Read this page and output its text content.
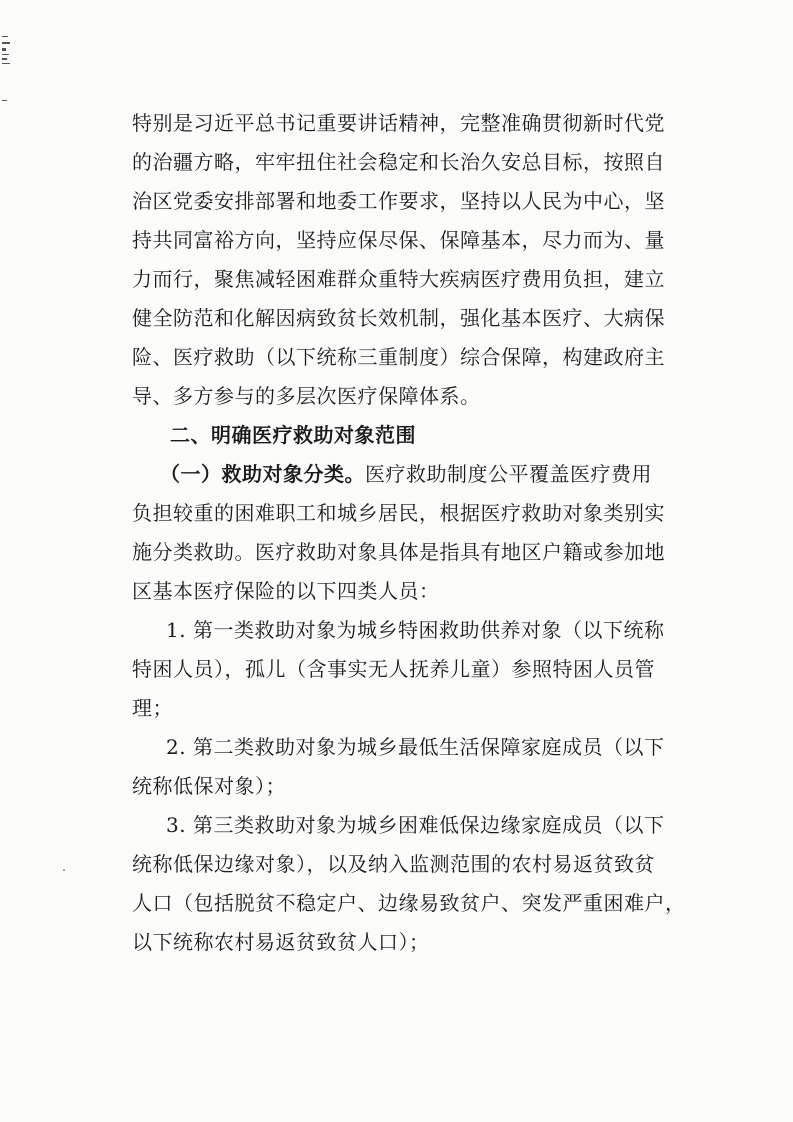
特别是习近平总书记重要讲话精神，完整准确贯彻新时代党
的治疆方略，牢牢扭住社会稳定和长治久安总目标，按照自
治区党委安排部署和地委工作要求，坚持以人民为中心，坚
持共同富裕方向，坚持应保尽保、保障基本，尽力而为、量
力而行，聚焦减轻困难群众重特大疾病医疗费用负担，建立
健全防范和化解因病致贫长效机制，强化基本医疗、大病保
险、医疗救助（以下统称三重制度）综合保障，构建政府主
导、多方参与的多层次医疗保障体系。
二、明确医疗救助对象范围
（一）救助对象分类。医疗救助制度公平覆盖医疗费用
负担较重的困难职工和城乡居民，根据医疗救助对象类别实
施分类救助。医疗救助对象具体是指具有地区户籍或参加地
区基本医疗保险的以下四类人员：
1. 第一类救助对象为城乡特困救助供养对象（以下统称
特困人员），孤儿（含事实无人抚养儿童）参照特困人员管
理；
2. 第二类救助对象为城乡最低生活保障家庭成员（以下
统称低保对象）；
3. 第三类救助对象为城乡困难低保边缘家庭成员（以下
统称低保边缘对象），以及纳入监测范围的农村易返贫致贫
人口（包括脱贫不稳定户、边缘易致贫户、突发严重困难户，
以下统称农村易返贫致贫人口）；
